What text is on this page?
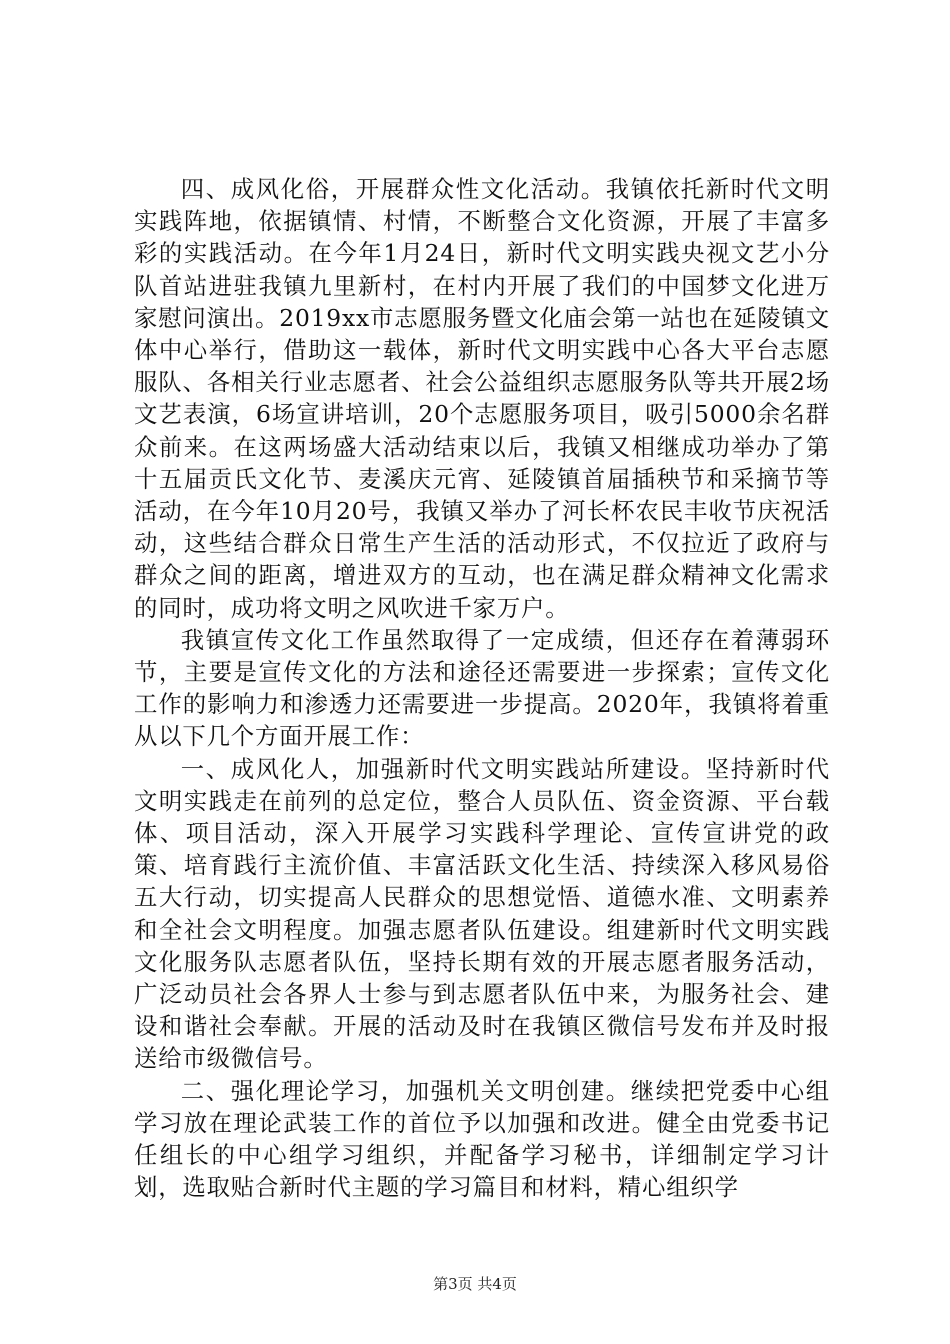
四、成风化俗，开展群众性文化活动。我镇依托新时代文明实践阵地，依据镇情、村情，不断整合文化资源，开展了丰富多彩的实践活动。在今年1月24日，新时代文明实践央视文艺小分队首站进驻我镇九里新村，在村内开展了我们的中国梦文化进万家慰问演出。2019xx市志愿服务暨文化庙会第一站也在延陵镇文体中心举行，借助这一载体，新时代文明实践中心各大平台志愿服队、各相关行业志愿者、社会公益组织志愿服务队等共开展2场文艺表演，6场宣讲培训，20个志愿服务项目，吸引5000余名群众前来。在这两场盛大活动结束以后，我镇又相继成功举办了第十五届贡氏文化节、麦溪庆元宵、延陵镇首届插秧节和采摘节等活动，在今年10月20号，我镇又举办了河长杯农民丰收节庆祝活动，这些结合群众日常生产生活的活动形式，不仅拉近了政府与群众之间的距离，增进双方的互动，也在满足群众精神文化需求的同时，成功将文明之风吹进千家万户。

我镇宣传文化工作虽然取得了一定成绩，但还存在着薄弱环节，主要是宣传文化的方法和途径还需要进一步探索；宣传文化工作的影响力和渗透力还需要进一步提高。2020年，我镇将着重从以下几个方面开展工作：

一、成风化人，加强新时代文明实践站所建设。坚持新时代文明实践走在前列的总定位，整合人员队伍、资金资源、平台载体、项目活动，深入开展学习实践科学理论、宣传宣讲党的政策、培育践行主流价值、丰富活跃文化生活、持续深入移风易俗五大行动，切实提高人民群众的思想觉悟、道德水准、文明素养和全社会文明程度。加强志愿者队伍建设。组建新时代文明实践文化服务队志愿者队伍，坚持长期有效的开展志愿者服务活动，广泛动员社会各界人士参与到志愿者队伍中来，为服务社会、建设和谐社会奉献。开展的活动及时在我镇区微信号发布并及时报送给市级微信号。

二、强化理论学习，加强机关文明创建。继续把党委中心组学习放在理论武装工作的首位予以加强和改进。健全由党委书记任组长的中心组学习组织，并配备学习秘书，详细制定学习计划，选取贴合新时代主题的学习篇目和材料，精心组织学

第3页 共4页
